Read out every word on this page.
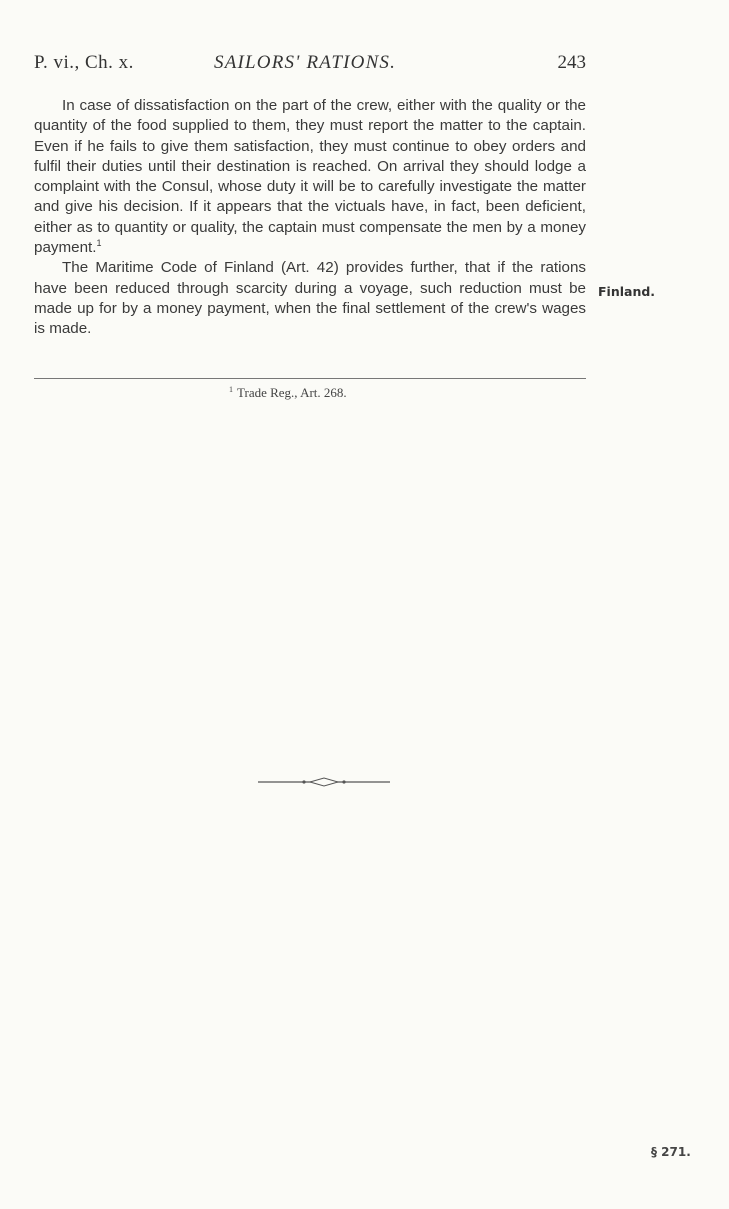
P. vi., Ch. x.	SAILORS' RATIONS.	243

In case of dissatisfaction on the part of the crew, either with the quality or the quantity of the food supplied to them, they must report the matter to the captain. Even if he fails to give them satisfaction, they must continue to obey orders and fulfil their duties until their destination is reached. On arrival they should lodge a complaint with the Consul, whose duty it will be to carefully investigate the matter and give his decision. If it appears that the victuals have, in fact, been deficient, either as to quantity or quality, the captain must compensate the men by a money payment.$^1$

The Maritime Code of Finland (Art. 42) provides further, that if the rations have been reduced through scarcity during a voyage, such reduction must be made up for by a money payment, when the final settlement of the crew's wages is made.

Finland.
$^1$ Trade Reg., Art. 268.
§ 271.
